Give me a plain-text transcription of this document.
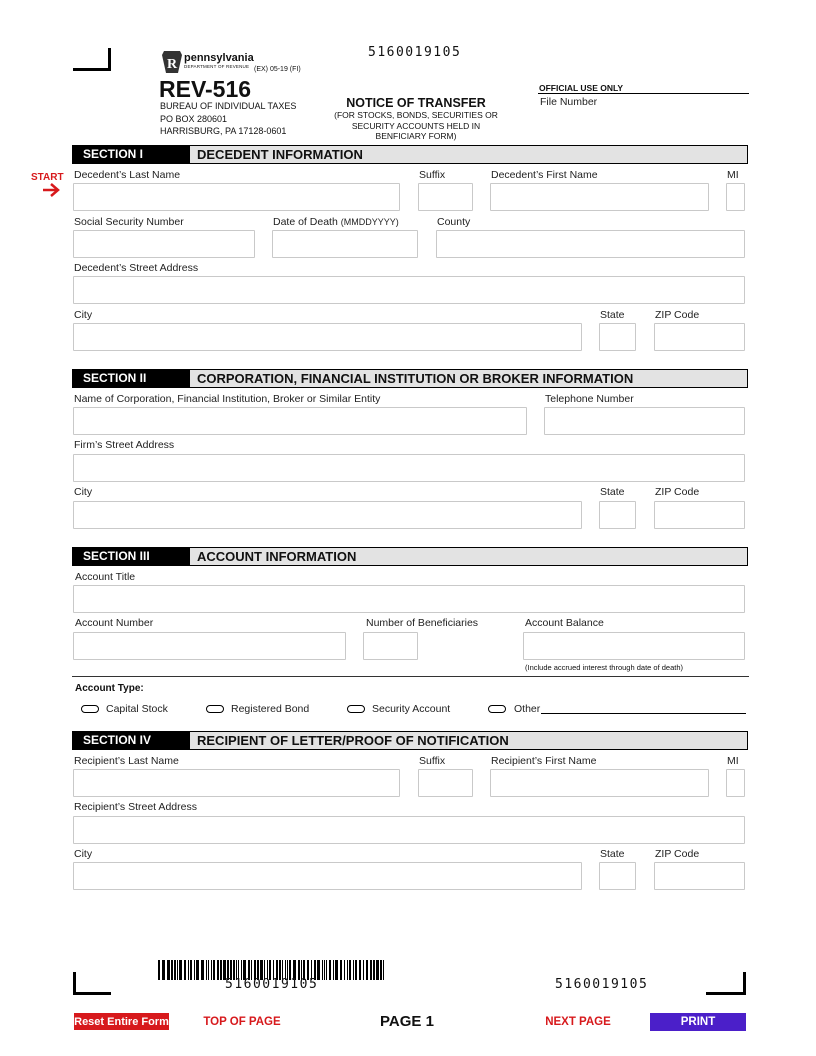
5160019105
R pennsylvania
DEPARTMENT OF REVENUE (EX) 05-19 (FI)
REV-516
BUREAU OF INDIVIDUAL TAXES
PO BOX 280601
HARRISBURG, PA 17128-0601
NOTICE OF TRANSFER
(FOR STOCKS, BONDS, SECURITIES OR
SECURITY ACCOUNTS HELD IN
BENFICIARY FORM)
OFFICIAL USE ONLY
File Number
START
SECTION I	DECEDENT INFORMATION
Decedent’s Last Name	Suffix	Decedent’s First Name	MI
Social Security Number	Date of Death (MMDDYYYY)	County
Decedent’s Street Address
City	State	ZIP Code
SECTION II	CORPORATION, FINANCIAL INSTITUTION OR BROKER INFORMATION
Name of Corporation, Financial Institution, Broker or Similar Entity	Telephone Number
Firm’s Street Address
City	State	ZIP Code
SECTION III	ACCOUNT INFORMATION
Account Title
Account Number	Number of Beneficiaries	Account Balance
(Include accrued interest through date of death)
Account Type:
Capital Stock	Registered Bond	Security Account	Other
SECTION IV	RECIPIENT OF LETTER/PROOF OF NOTIFICATION
Recipient’s Last Name	Suffix	Recipient’s First Name	MI
Recipient’s Street Address
City	State	ZIP Code
5160019105	5160019105
Reset Entire Form	TOP OF PAGE	PAGE 1	NEXT PAGE	PRINT
